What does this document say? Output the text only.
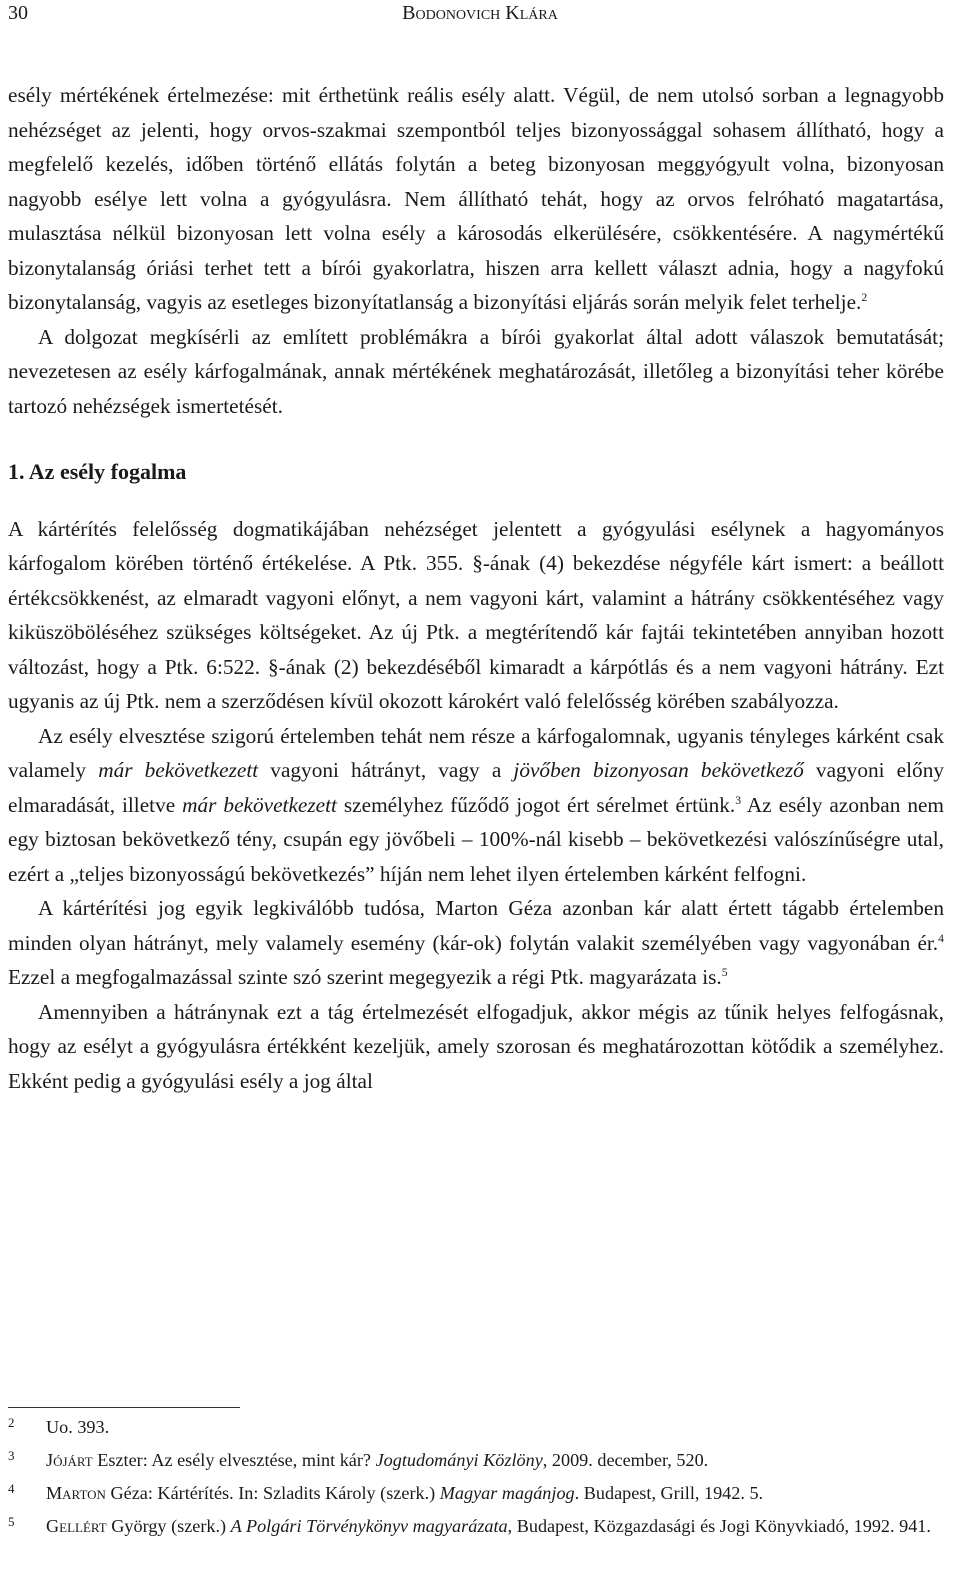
30	Bodonovich Klára

esély mértékének értelmezése: mit érthetünk reális esély alatt. Végül, de nem utolsó sorban a legnagyobb nehézséget az jelenti, hogy orvos-szakmai szempontból teljes bizonyossággal sohasem állítható, hogy a megfelelő kezelés, időben történő ellátás folytán a beteg bizonyosan meggyógyult volna, bizonyosan nagyobb esélye lett volna a gyógyulásra. Nem állítható tehát, hogy az orvos felróható magatartása, mulasztása nélkül bizonyosan lett volna esély a károsodás elkerülésére, csökkentésére. A nagymértékű bizonytalanság óriási terhet tett a bírói gyakorlatra, hiszen arra kellett választ adnia, hogy a nagyfokú bizonytalanság, vagyis az esetleges bizonyítatlanság a bizonyítási eljárás során melyik felet terhelje.$^2$

A dolgozat megkísérli az említett problémákra a bírói gyakorlat által adott válaszok bemutatását; nevezetesen az esély kárfogalmának, annak mértékének meghatározását, illetőleg a bizonyítási teher körébe tartozó nehézségek ismertetését.

1. Az esély fogalma

A kártérítés felelősség dogmatikájában nehézséget jelentett a gyógyulási esélynek a hagyományos kárfogalom körében történő értékelése. A Ptk. 355. §-ának (4) bekezdése négyféle kárt ismert: a beállott értékcsökkenést, az elmaradt vagyoni előnyt, a nem vagyoni kárt, valamint a hátrány csökkentéséhez vagy kiküszöböléséhez szükséges költségeket. Az új Ptk. a megtérítendő kár fajtái tekintetében annyiban hozott változást, hogy a Ptk. 6:522. §-ának (2) bekezdéséből kimaradt a kárpótlás és a nem vagyoni hátrány. Ezt ugyanis az új Ptk. nem a szerződésen kívül okozott károkért való felelősség körében szabályozza.

Az esély elvesztése szigorú értelemben tehát nem része a kárfogalomnak, ugyanis tényleges kárként csak valamely már bekövetkezett vagyoni hátrányt, vagy a jövőben bizonyosan bekövetkező vagyoni előny elmaradását, illetve már bekövetkezett személyhez fűződő jogot ért sérelmet értünk.$^3$ Az esély azonban nem egy biztosan bekövetkező tény, csupán egy jövőbeli – 100%-nál kisebb – bekövetkezési valószínűségre utal, ezért a „teljes bizonyosságú bekövetkezés” híján nem lehet ilyen értelemben kárként felfogni.

A kártérítési jog egyik legkiválóbb tudósa, Marton Géza azonban kár alatt értett tágabb értelemben minden olyan hátrányt, mely valamely esemény (kár-ok) folytán valakit személyében vagy vagyonában ér.$^4$ Ezzel a megfogalmazással szinte szó szerint megegyezik a régi Ptk. magyarázata is.$^5$

Amennyiben a hátránynak ezt a tág értelmezését elfogadjuk, akkor mégis az tűnik helyes felfogásnak, hogy az esélyt a gyógyulásra értékként kezeljük, amely szorosan és meghatározottan kötődik a személyhez. Ekként pedig a gyógyulási esély a jog által

2 Uo. 393.
3 Jójárt Eszter: Az esély elvesztése, mint kár? Jogtudományi Közlöny, 2009. december, 520.
4 Marton Géza: Kártérítés. In: Szladits Károly (szerk.) Magyar magánjog. Budapest, Grill, 1942. 5.
5 Gellért György (szerk.) A Polgári Törvénykönyv magyarázata, Budapest, Közgazdasági és Jogi Könyvkiadó, 1992. 941.
